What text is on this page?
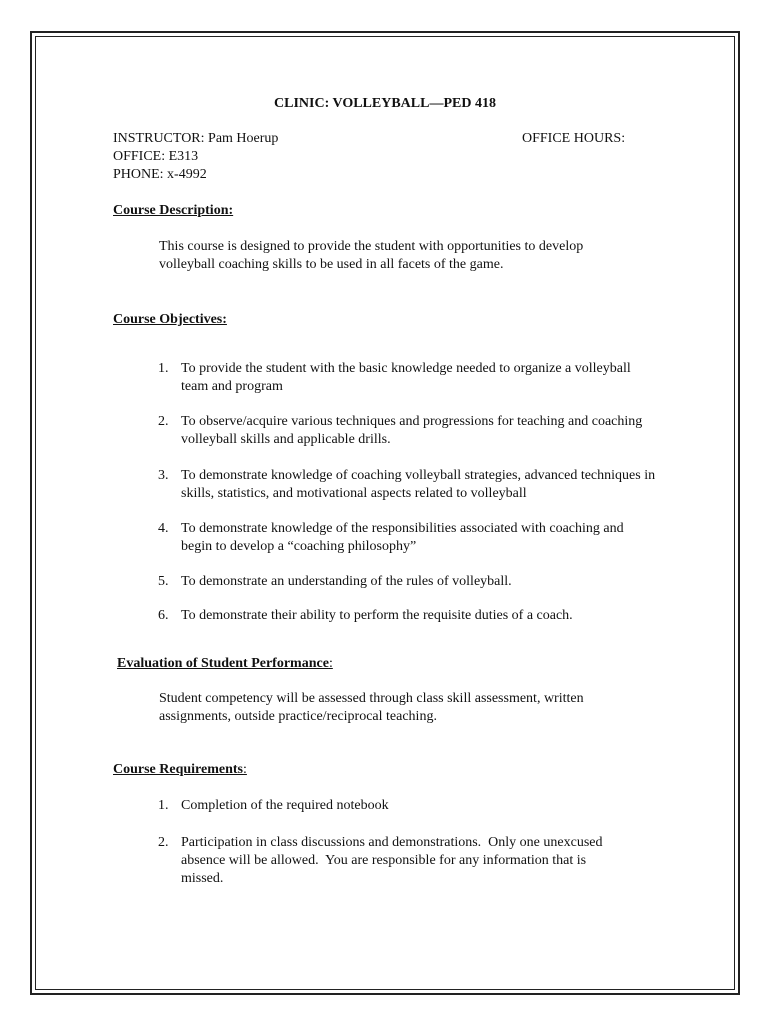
CLINIC: VOLLEYBALL—PED 418
INSTRUCTOR: Pam Hoerup	OFFICE HOURS:
OFFICE: E313
PHONE: x-4992
Course Description:
This course is designed to provide the student with opportunities to develop volleyball coaching skills to be used in all facets of the game.
Course Objectives:
1. To provide the student with the basic knowledge needed to organize a volleyball team and program
2. To observe/acquire various techniques and progressions for teaching and coaching volleyball skills and applicable drills.
3. To demonstrate knowledge of coaching volleyball strategies, advanced techniques in skills, statistics, and motivational aspects related to volleyball
4. To demonstrate knowledge of the responsibilities associated with coaching and begin to develop a “coaching philosophy”
5. To demonstrate an understanding of the rules of volleyball.
6. To demonstrate their ability to perform the requisite duties of a coach.
Evaluation of Student Performance:
Student competency will be assessed through class skill assessment, written assignments, outside practice/reciprocal teaching.
Course Requirements:
1. Completion of the required notebook
2. Participation in class discussions and demonstrations.  Only one unexcused absence will be allowed.  You are responsible for any information that is missed.
